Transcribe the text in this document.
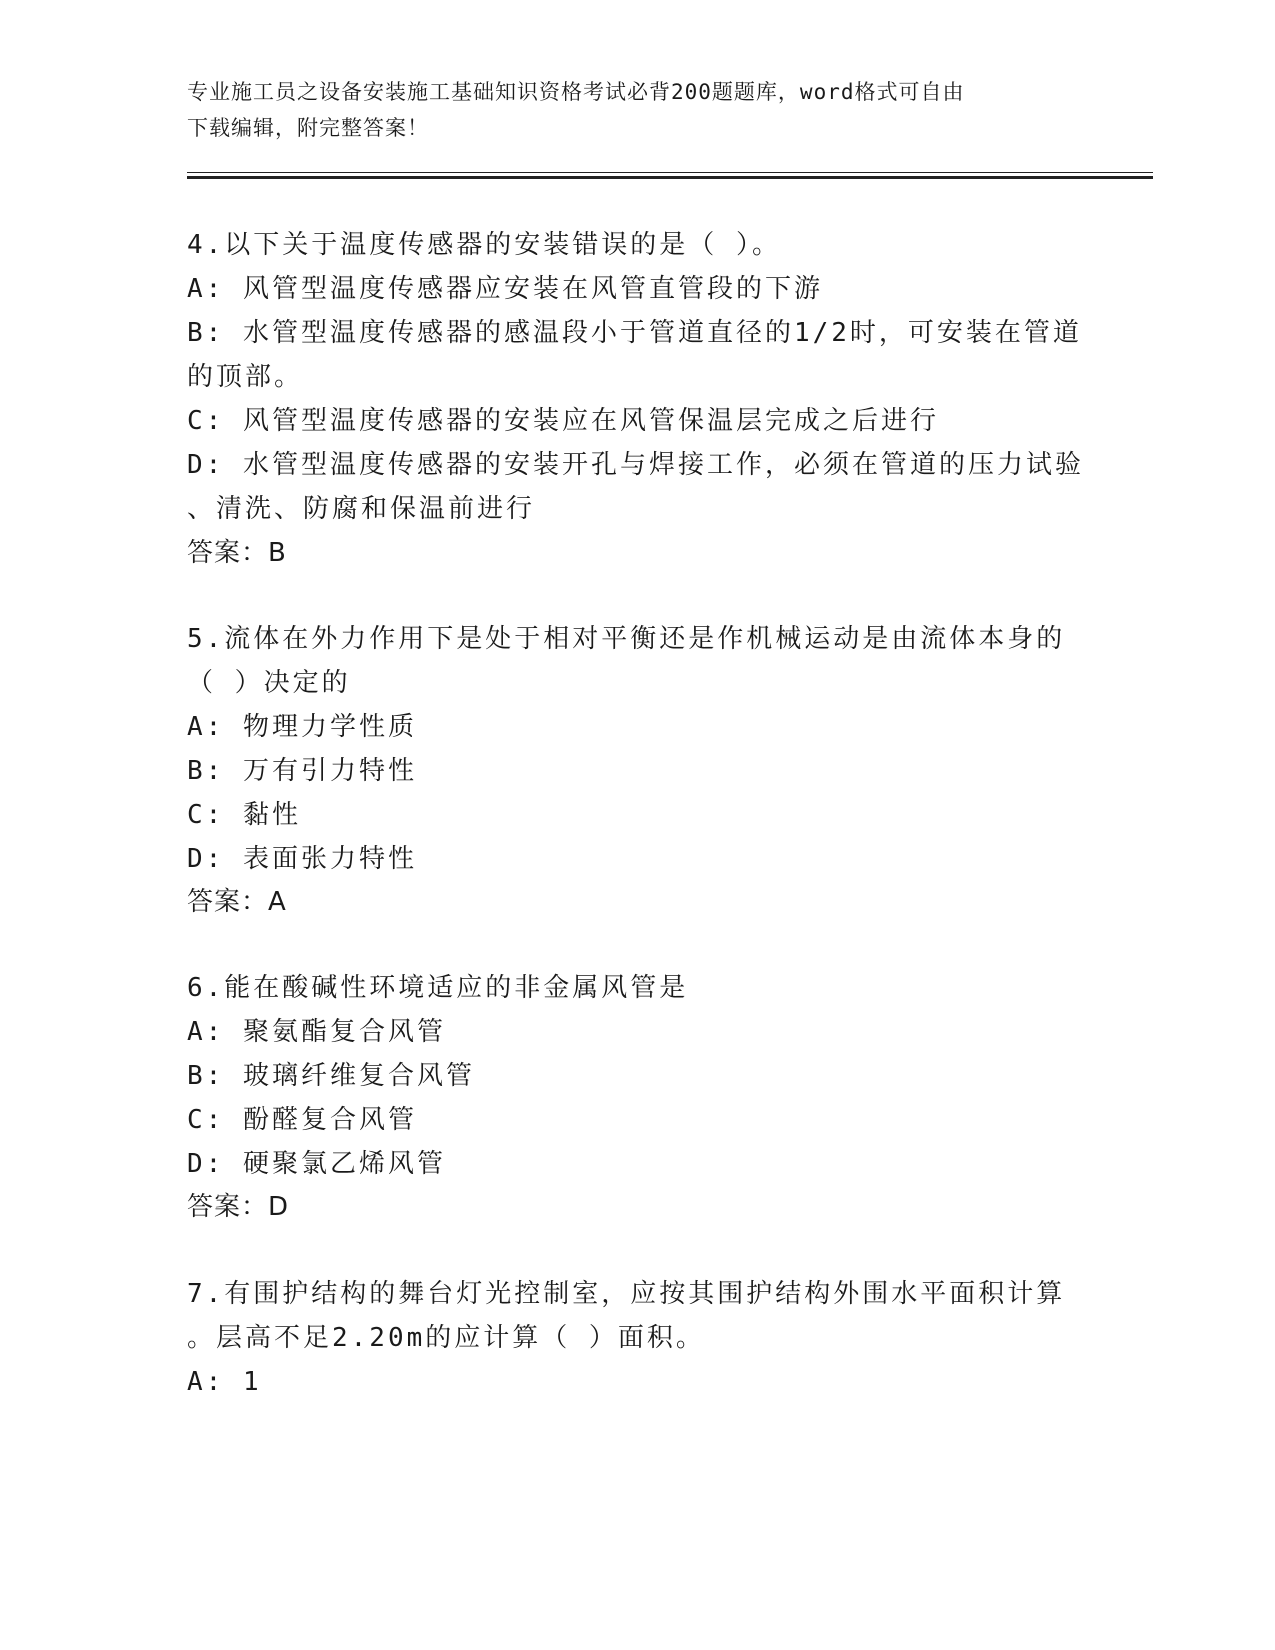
专业施工员之设备安装施工基础知识资格考试必背200题题库，word格式可自由
下载编辑，附完整答案！
4.以下关于温度传感器的安装错误的是（ ）。
A: 风管型温度传感器应安装在风管直管段的下游
B: 水管型温度传感器的感温段小于管道直径的1/2时，可安装在管道
的顶部。
C: 风管型温度传感器的安装应在风管保温层完成之后进行
D: 水管型温度传感器的安装开孔与焊接工作，必须在管道的压力试验
、清洗、防腐和保温前进行
答案：B
5.流体在外力作用下是处于相对平衡还是作机械运动是由流体本身的
（ ）决定的
A: 物理力学性质
B: 万有引力特性
C: 黏性
D: 表面张力特性
答案：A
6.能在酸碱性环境适应的非金属风管是
A: 聚氨酯复合风管
B: 玻璃纤维复合风管
C: 酚醛复合风管
D: 硬聚氯乙烯风管
答案：D
7.有围护结构的舞台灯光控制室，应按其围护结构外围水平面积计算
。层高不足2.20m的应计算（ ）面积。
A: 1
